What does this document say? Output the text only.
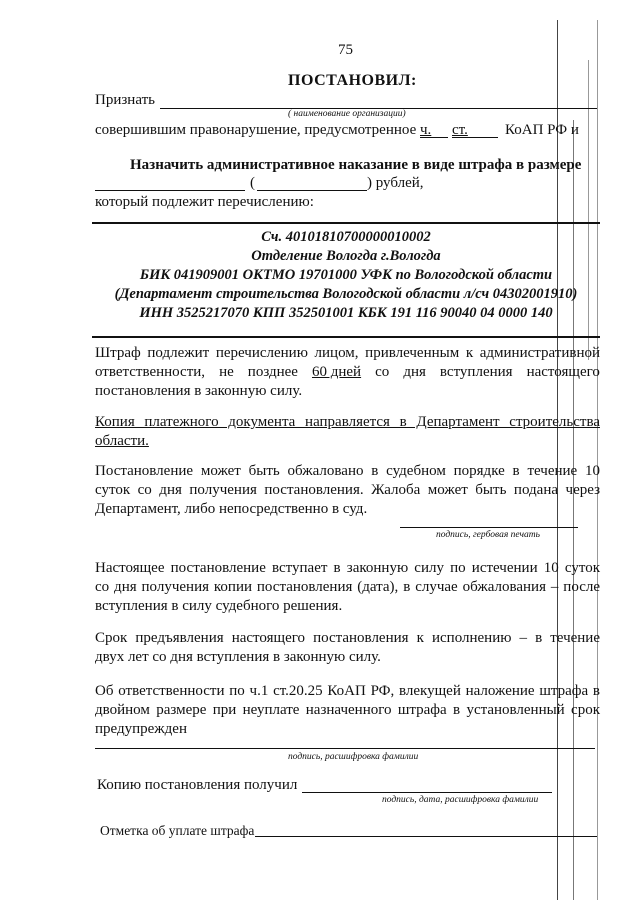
75
ПОСТАНОВИЛ:
Признать
( наименование организации)
совершившим правонарушение, предусмотренное ч. ст. КоАП РФ и
Назначить административное наказание в виде штрафа в размере
(	) рублей,
который подлежит перечислению:
Сч. 40101810700000010002
Отделение Вологда г.Вологда
БИК 041909001 ОКТМО 19701000 УФК по Вологодской области
(Департамент строительства Вологодской области л/сч 04302001910)
ИНН 3525217070 КПП 352501001 КБК 191 116 90040 04 0000 140
Штраф подлежит перечислению лицом, привлеченным к административной
ответственности, не позднее 60 дней со дня вступления настоящего
постановления в законную силу.
Копия платежного документа направляется в Департамент строительства
области.
Постановление может быть обжаловано в судебном порядке в течение 10
суток со дня получения постановления. Жалоба может быть подана через
Департамент, либо непосредственно в суд.
подпись, гербовая печать
Настоящее постановление вступает в законную силу по истечении 10 суток
со дня получения копии постановления (дата), в случае обжалования – после
вступления в силу судебного решения.
Срок предъявления настоящего постановления к исполнению – в течение
двух лет со дня вступления в законную силу.
Об ответственности по ч.1 ст.20.25 КоАП РФ, влекущей наложение штрафа в
двойном размере при неуплате назначенного штрафа в установленный срок
предупрежден
подпись, расшифровка фамилии
Копию постановления получил
подпись, дата, расшифровка фамилии
Отметка об уплате штрафа
